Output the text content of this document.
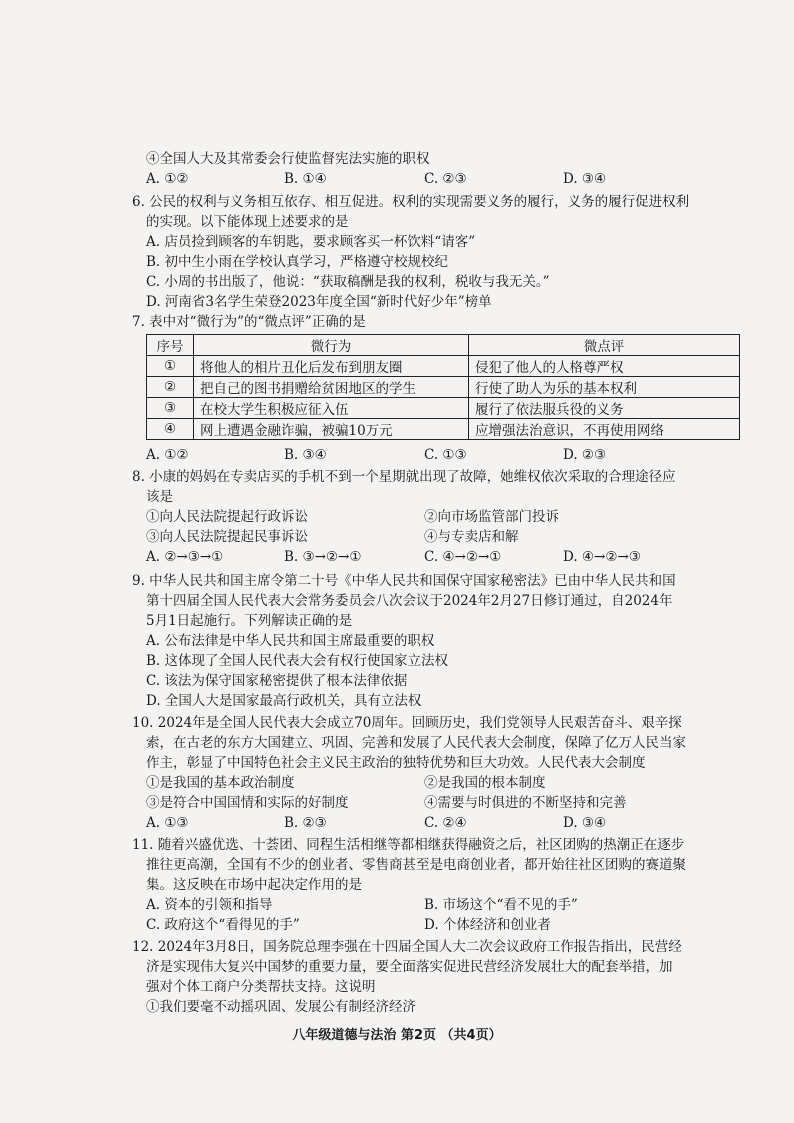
④全国人大及其常委会行使监督宪法实施的职权
A. ①②	B. ①④	C. ②③	D. ③④
6. 公民的权利与义务相互依存、相互促进。权利的实现需要义务的履行，义务的履行促进权利
的实现。以下能体现上述要求的是
A. 店员捡到顾客的车钥匙，要求顾客买一杯饮料“请客”
B. 初中生小雨在学校认真学习，严格遵守校规校纪
C. 小周的书出版了，他说：“获取稿酬是我的权利，税收与我无关。”
D. 河南省3名学生荣登2023年度全国“新时代好少年”榜单
7. 表中对“微行为”的“微点评”正确的是
序号	微行为	微点评
①	将他人的相片丑化后发布到朋友圈	侵犯了他人的人格尊严权
②	把自己的图书捐赠给贫困地区的学生	行使了助人为乐的基本权利
③	在校大学生积极应征入伍	履行了依法服兵役的义务
④	网上遭遇金融诈骗，被骗10万元	应增强法治意识，不再使用网络
A. ①②	B. ③④	C. ①③	D. ②③
8. 小康的妈妈在专卖店买的手机不到一个星期就出现了故障，她维权依次采取的合理途径应
该是
①向人民法院提起行政诉讼	②向市场监管部门投诉
③向人民法院提起民事诉讼	④与专卖店和解
A. ②→③→①	B. ③→②→①	C. ④→②→①	D. ④→②→③
9. 中华人民共和国主席令第二十号《中华人民共和国保守国家秘密法》已由中华人民共和国
第十四届全国人民代表大会常务委员会八次会议于2024年2月27日修订通过，自2024年
5月1日起施行。下列解读正确的是
A. 公布法律是中华人民共和国主席最重要的职权
B. 这体现了全国人民代表大会有权行使国家立法权
C. 该法为保守国家秘密提供了根本法律依据
D. 全国人大是国家最高行政机关，具有立法权
10. 2024年是全国人民代表大会成立70周年。回顾历史，我们党领导人民艰苦奋斗、艰辛探
索，在古老的东方大国建立、巩固、完善和发展了人民代表大会制度，保障了亿万人民当家
作主，彰显了中国特色社会主义民主政治的独特优势和巨大功效。人民代表大会制度
①是我国的基本政治制度	②是我国的根本制度
③是符合中国国情和实际的好制度	④需要与时俱进的不断坚持和完善
A. ①③	B. ②③	C. ②④	D. ③④
11. 随着兴盛优选、十荟团、同程生活相继等都相继获得融资之后，社区团购的热潮正在逐步
推往更高潮，全国有不少的创业者、零售商甚至是电商创业者，都开始往社区团购的赛道聚
集。这反映在市场中起决定作用的是
A. 资本的引领和指导	B. 市场这个“看不见的手”
C. 政府这个“看得见的手”	D. 个体经济和创业者
12. 2024年3月8日，国务院总理李强在十四届全国人大二次会议政府工作报告指出，民营经
济是实现伟大复兴中国梦的重要力量，要全面落实促进民营经济发展壮大的配套举措，加
强对个体工商户分类帮扶支持。这说明
①我们要毫不动摇巩固、发展公有制经济经济
八年级道德与法治 第2页 （共4页）
